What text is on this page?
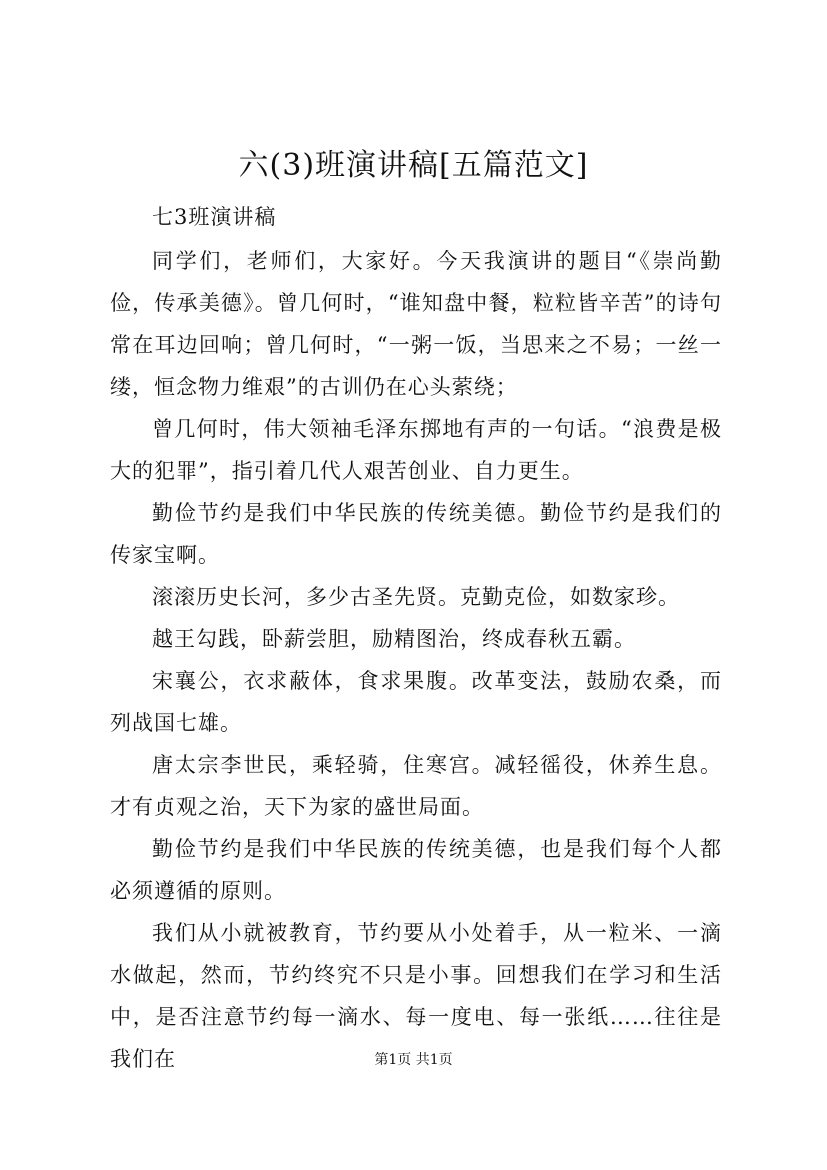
六(3)班演讲稿[五篇范文]

七3班演讲稿

同学们，老师们，大家好。今天我演讲的题目“《崇尚勤俭，传承美德》。曾几何时，“谁知盘中餐，粒粒皆辛苦”的诗句常在耳边回响；曾几何时，“一粥一饭，当思来之不易；一丝一缕，恒念物力维艰”的古训仍在心头萦绕；

曾几何时，伟大领袖毛泽东掷地有声的一句话。“浪费是极大的犯罪”，指引着几代人艰苦创业、自力更生。

勤俭节约是我们中华民族的传统美德。勤俭节约是我们的传家宝啊。

滚滚历史长河，多少古圣先贤。克勤克俭，如数家珍。

越王勾践，卧薪尝胆，励精图治，终成春秋五霸。

宋襄公，衣求蔽体，食求果腹。改革变法，鼓励农桑，而列战国七雄。

唐太宗李世民，乘轻骑，住寒宫。减轻徭役，休养生息。才有贞观之治，天下为家的盛世局面。

勤俭节约是我们中华民族的传统美德，也是我们每个人都必须遵循的原则。

我们从小就被教育，节约要从小处着手，从一粒米、一滴水做起，然而，节约终究不只是小事。回想我们在学习和生活中，是否注意节约每一滴水、每一度电、每一张纸……往往是我们在	第1页 共1页
